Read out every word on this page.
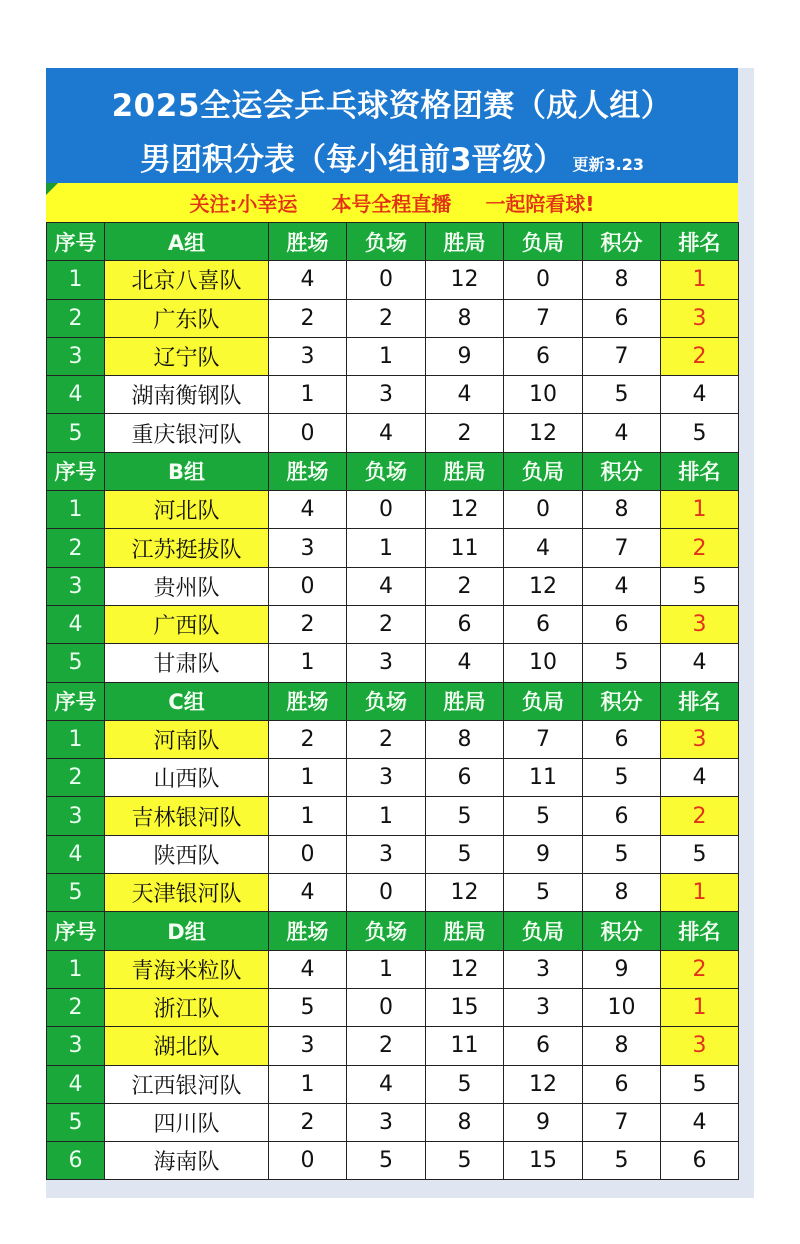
2025全运会乒乓球资格团赛（成人组）
男团积分表（每小组前3晋级） 更新3.23
关注:小幸运 本号全程直播 一起陪看球!
序号	A组	胜场	负场	胜局	负局	积分	排名
1	北京八喜队	4	0	12	0	8	1
2	广东队	2	2	8	7	6	3
3	辽宁队	3	1	9	6	7	2
4	湖南衡钢队	1	3	4	10	5	4
5	重庆银河队	0	4	2	12	4	5
序号	B组	胜场	负场	胜局	负局	积分	排名
1	河北队	4	0	12	0	8	1
2	江苏挺拔队	3	1	11	4	7	2
3	贵州队	0	4	2	12	4	5
4	广西队	2	2	6	6	6	3
5	甘肃队	1	3	4	10	5	4
序号	C组	胜场	负场	胜局	负局	积分	排名
1	河南队	2	2	8	7	6	3
2	山西队	1	3	6	11	5	4
3	吉林银河队	1	1	5	5	6	2
4	陕西队	0	3	5	9	5	5
5	天津银河队	4	0	12	5	8	1
序号	D组	胜场	负场	胜局	负局	积分	排名
1	青海米粒队	4	1	12	3	9	2
2	浙江队	5	0	15	3	10	1
3	湖北队	3	2	11	6	8	3
4	江西银河队	1	4	5	12	6	5
5	四川队	2	3	8	9	7	4
6	海南队	0	5	5	15	5	6
